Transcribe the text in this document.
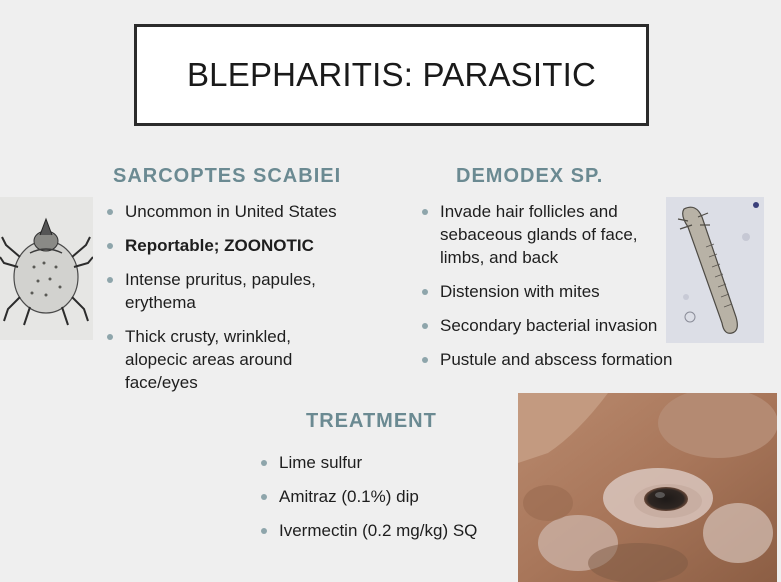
BLEPHARITIS: PARASITIC
SARCOPTES SCABIEI
Uncommon in United States
Reportable; ZOONOTIC
Intense pruritus, papules, erythema
Thick crusty, wrinkled, alopecic areas around face/eyes
DEMODEX SP.
Invade hair follicles and sebaceous glands of face, limbs, and back
Distension with mites
Secondary bacterial invasion
Pustule and abscess formation
TREATMENT
Lime sulfur
Amitraz (0.1%) dip
Ivermectin (0.2 mg/kg) SQ
